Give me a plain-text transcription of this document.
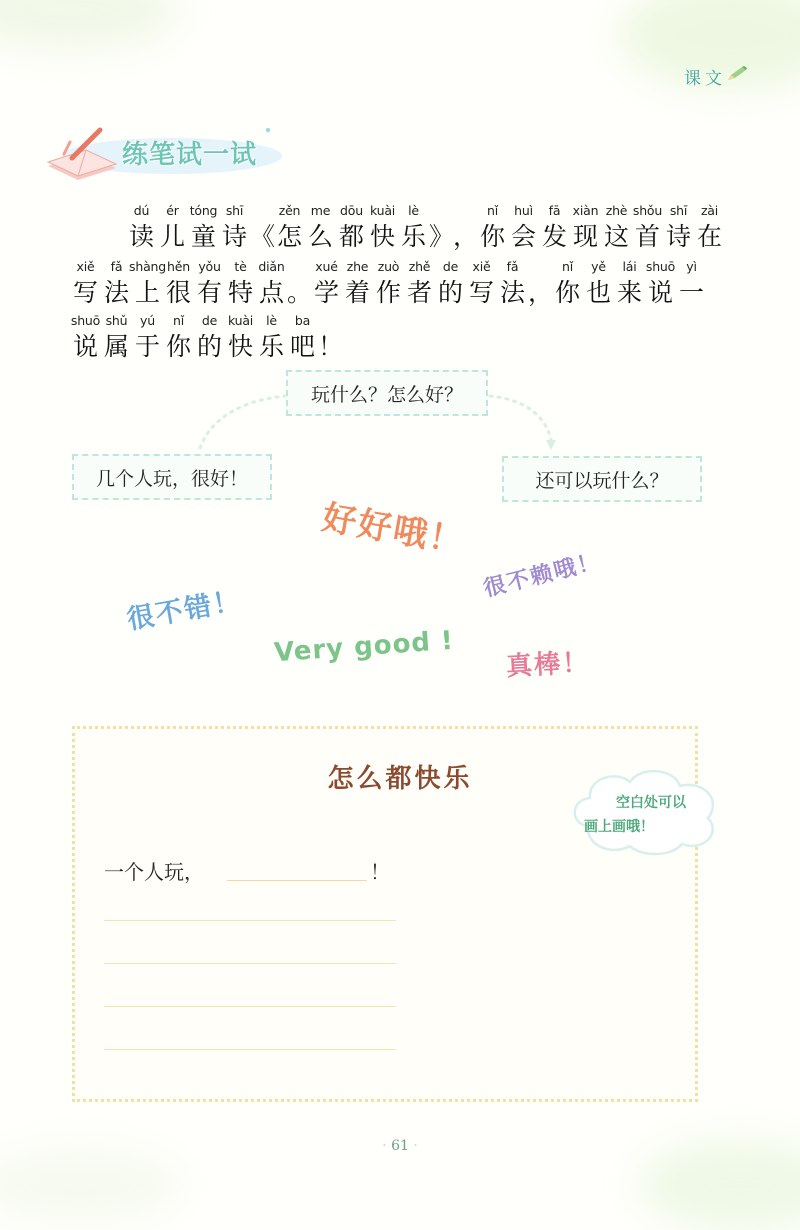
课文
练笔试一试
dú
读
ér
儿
tóng
童
shī
诗 《
zěn
怎
me
么
dōu
都
kuài
快
lè
乐 》
，
nǐ
你
huì
会
fā
发
xiàn
现
zhè
这
shǒu
首
shī
诗
zài
在
xiě
写
fǎ
法
shàng
上
hěn
很
yǒu
有
tè
特
diǎn
点 。
xué
学
zhe
着
zuò
作
zhě
者
de
的
xiě
写
fǎ
法 ，
nǐ
你
yě
也
lái
来
shuō
说
yì
一
shuō
说
shǔ
属
yú
于
nǐ
你
de
的
kuài
快
lè
乐
ba
吧 ！
玩什么？怎么好？
几个人玩，很好！	还可以玩什么？
好好哦！
很不错！
很不赖哦！
Very good ! 真棒！
怎么都快乐
空白处可以
画上画哦！
一个人玩，	！
· 61 ·
